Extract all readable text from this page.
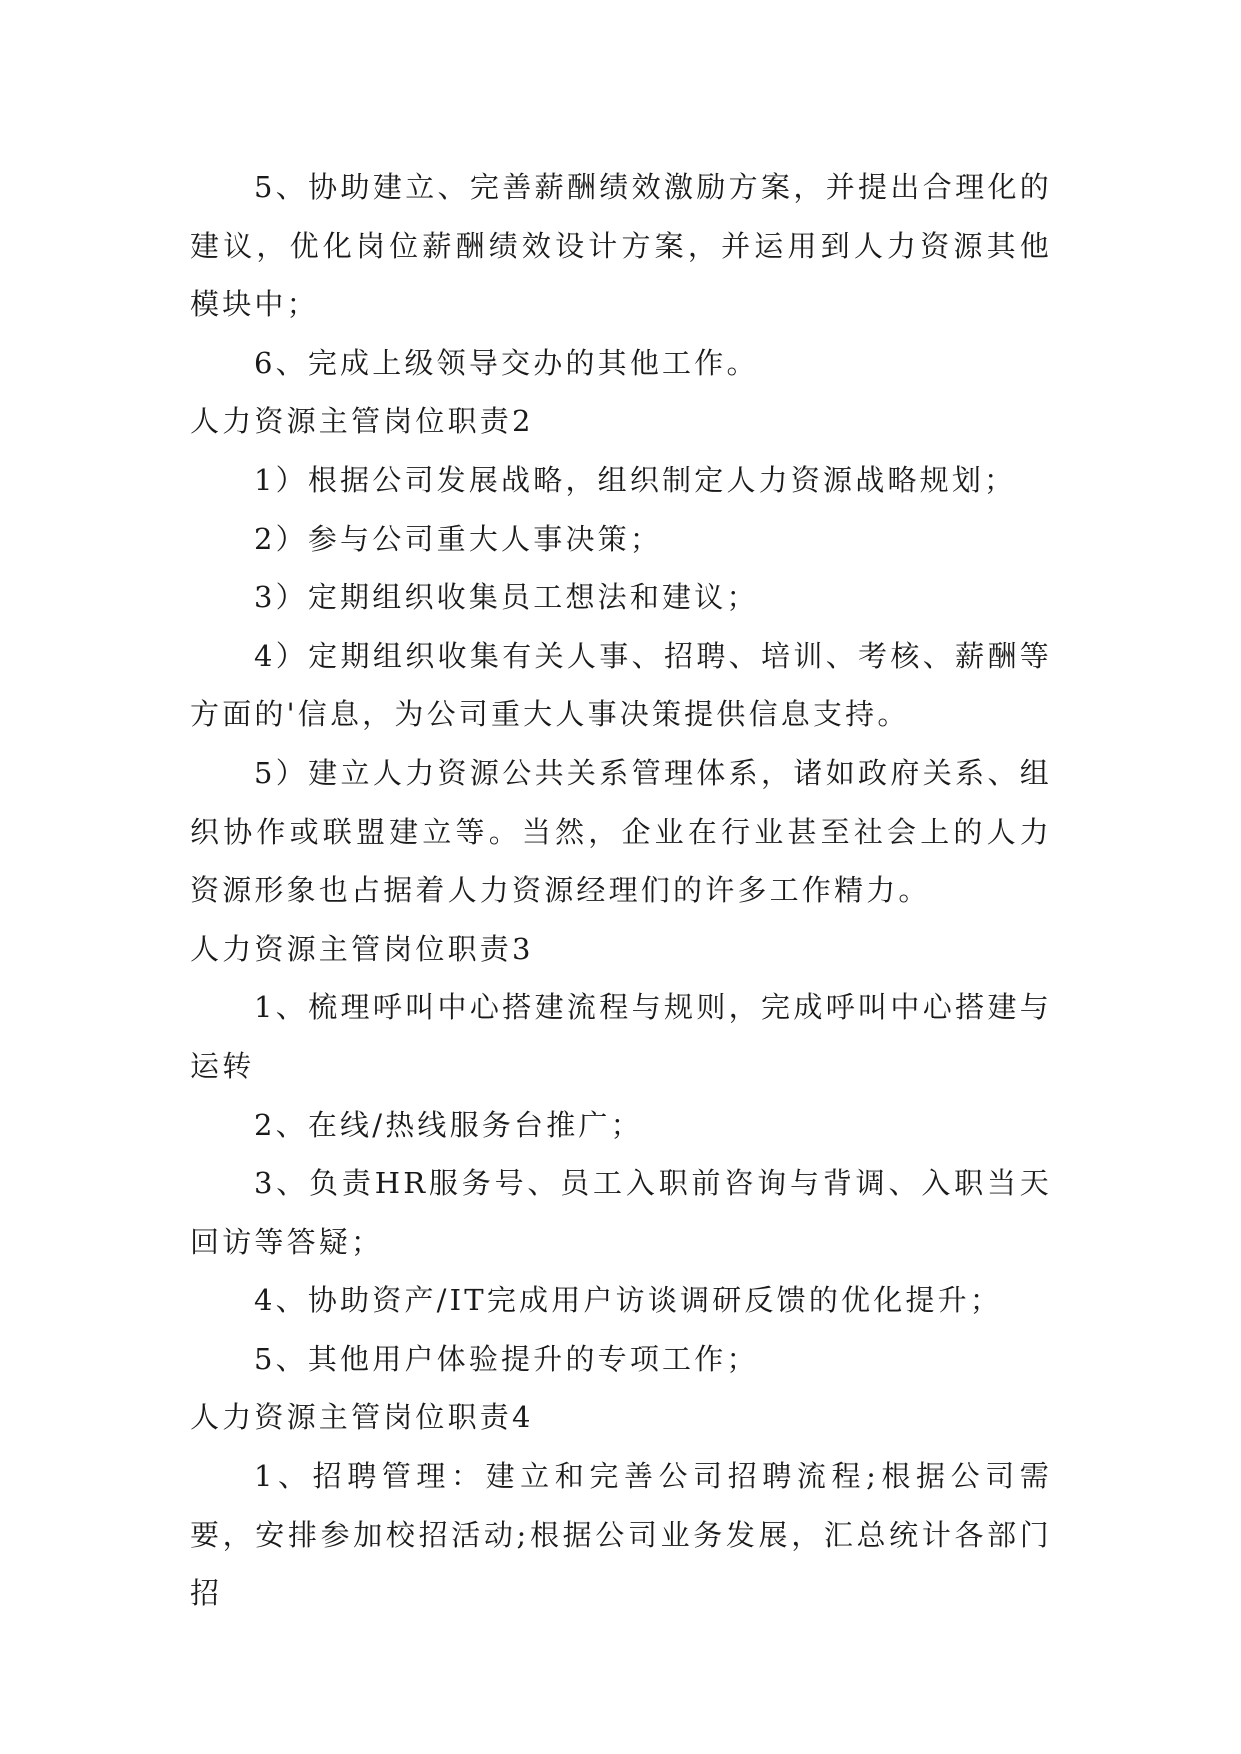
5、协助建立、完善薪酬绩效激励方案，并提出合理化的建议，优化岗位薪酬绩效设计方案，并运用到人力资源其他模块中；

6、完成上级领导交办的其他工作。

人力资源主管岗位职责2

1）根据公司发展战略，组织制定人力资源战略规划；

2）参与公司重大人事决策；

3）定期组织收集员工想法和建议；

4）定期组织收集有关人事、招聘、培训、考核、薪酬等方面的'信息，为公司重大人事决策提供信息支持。

5）建立人力资源公共关系管理体系，诸如政府关系、组织协作或联盟建立等。当然，企业在行业甚至社会上的人力资源形象也占据着人力资源经理们的许多工作精力。

人力资源主管岗位职责3

1、梳理呼叫中心搭建流程与规则，完成呼叫中心搭建与运转

2、在线/热线服务台推广；

3、负责HR服务号、员工入职前咨询与背调、入职当天回访等答疑；

4、协助资产/IT完成用户访谈调研反馈的优化提升；

5、其他用户体验提升的专项工作；

人力资源主管岗位职责4

1、招聘管理：建立和完善公司招聘流程;根据公司需要，安排参加校招活动;根据公司业务发展，汇总统计各部门招
